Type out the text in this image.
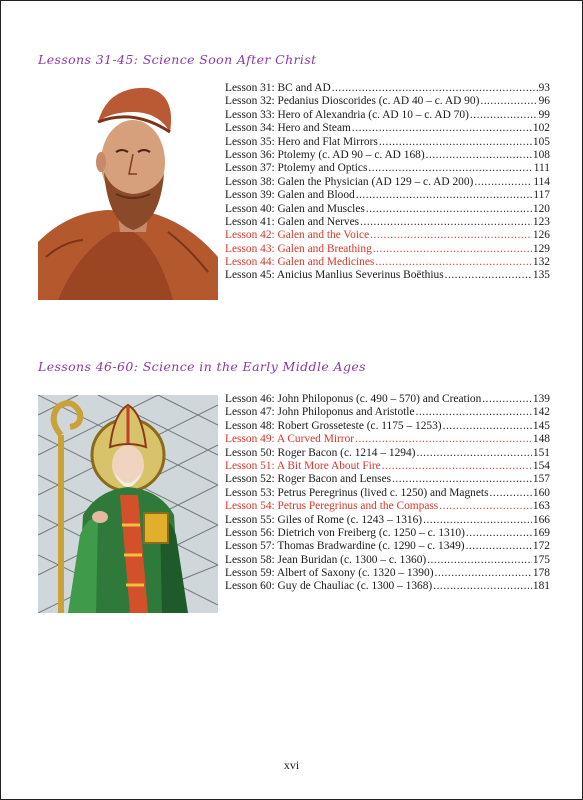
Lessons 31-45: Science Soon After Christ
Lesson 31: BC and AD .....	93
Lesson 32: Pedanius Dioscorides (c. AD 40 – c. AD 90) .....	96
Lesson 33: Hero of Alexandria (c. AD 10 – c. AD 70) .....	99
Lesson 34: Hero and Steam .....	102
Lesson 35: Hero and Flat Mirrors .....	105
Lesson 36: Ptolemy (c. AD 90 – c. AD 168) .....	108
Lesson 37: Ptolemy and Optics .....	111
Lesson 38: Galen the Physician (AD 129 – c. AD 200) .....	114
Lesson 39: Galen and Blood .....	117
Lesson 40: Galen and Muscles .....	120
Lesson 41: Galen and Nerves .....	123
Lesson 42: Galen and the Voice .....	126
Lesson 43: Galen and Breathing .....	129
Lesson 44: Galen and Medicines .....	132
Lesson 45: Anicius Manlius Severinus Boëthius .....	135
Lessons 46-60: Science in the Early Middle Ages
Lesson 46: John Philoponus (c. 490 – 570) and Creation .....	139
Lesson 47: John Philoponus and Aristotle .....	142
Lesson 48: Robert Grosseteste (c. 1175 – 1253) .....	145
Lesson 49: A Curved Mirror .....	148
Lesson 50: Roger Bacon (c. 1214 – 1294) .....	151
Lesson 51: A Bit More About Fire .....	154
Lesson 52: Roger Bacon and Lenses .....	157
Lesson 53: Petrus Peregrinus (lived c. 1250) and Magnets .....	160
Lesson 54: Petrus Peregrinus and the Compass .....	163
Lesson 55: Giles of Rome (c. 1243 – 1316) .....	166
Lesson 56: Dietrich von Freiberg (c. 1250 – c. 1310) .....	169
Lesson 57: Thomas Bradwardine (c. 1290 – c. 1349) .....	172
Lesson 58: Jean Buridan (c. 1300 – c. 1360) .....	175
Lesson 59: Albert of Saxony (c. 1320 – 1390) .....	178
Lesson 60: Guy de Chauliac (c. 1300 – 1368) .....	181
xvi
